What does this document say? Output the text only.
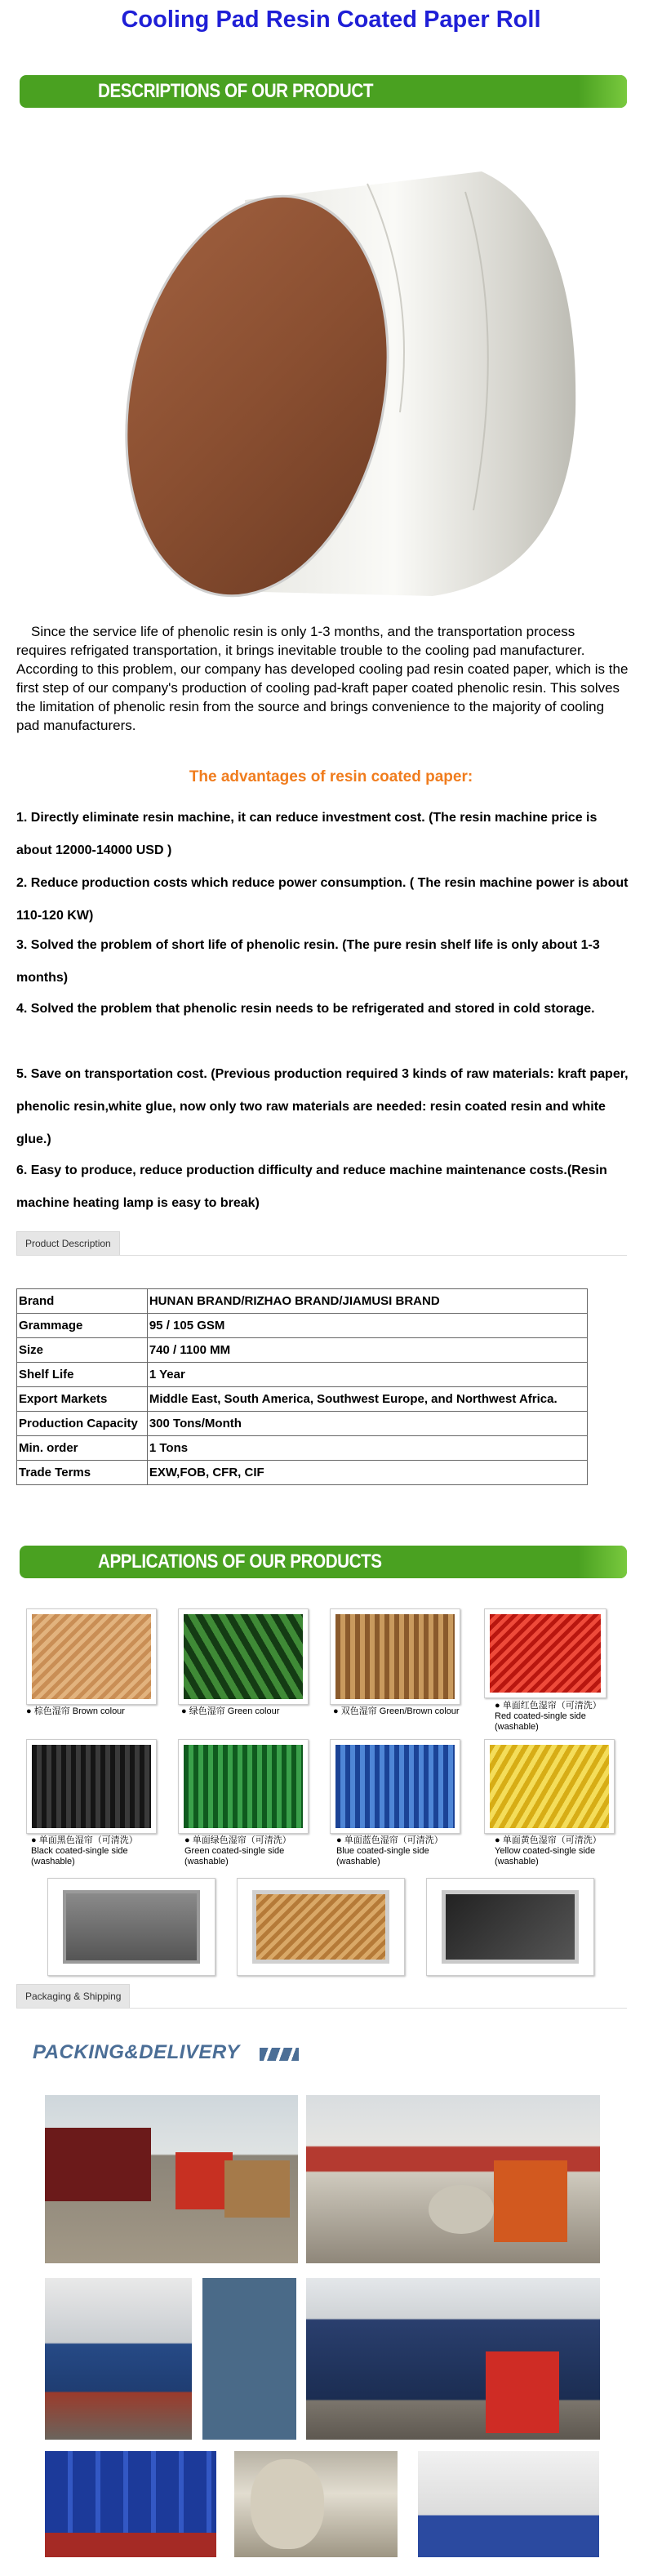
Cooling Pad Resin Coated Paper Roll
DESCRIPTIONS OF OUR PRODUCT

Since the service life of phenolic resin is only 1-3 months, and the transportation process requires refrigated transportation, it brings inevitable trouble to the cooling pad manufacturer. According to this problem, our company has developed cooling pad resin coated paper, which is the first step of our company's production of cooling pad-kraft paper coated phenolic resin. This solves the limitation of phenolic resin from the source and brings convenience to the majority of cooling pad manufacturers.

The advantages of resin coated paper:
1. Directly eliminate resin machine, it can reduce investment cost. (The resin machine price is about 12000-14000 USD )
2. Reduce production costs which reduce power consumption. ( The resin machine power is about 110-120 KW)
3. Solved the problem of short life of phenolic resin. (The pure resin shelf life is only about 1-3 months)
4. Solved the problem that phenolic resin needs to be refrigerated and stored in cold storage.
5. Save on transportation cost. (Previous production required 3 kinds of raw materials: kraft paper, phenolic resin,white glue, now only two raw materials are needed: resin coated resin and white glue.)
6. Easy to produce, reduce production difficulty and reduce machine maintenance costs.(Resin machine heating lamp is easy to break)
Product Description
Brand	HUNAN BRAND/RIZHAO BRAND/JIAMUSI BRAND
Grammage	95 / 105 GSM
Size	740 / 1100 MM
Shelf Life	1 Year
Export Markets	Middle East, South America, Southwest Europe, and Northwest Africa.
Production Capacity	300 Tons/Month
Min. order	1 Tons
Trade Terms	EXW,FOB, CFR, CIF
APPLICATIONS OF OUR PRODUCTS
● 棕色湿帘 Brown colour	● 绿色湿帘 Green colour	● 双色湿帘 Green/Brown colour
● 单面红色湿帘（可清洗）
Red coated-single side (washable)
● 单面黑色湿帘（可清洗）
Black coated-single side (washable)
● 单面绿色湿帘（可清洗）
Green coated-single side (washable)
● 单面蓝色湿帘（可清洗）
Blue coated-single side (washable)
● 单面黄色湿帘（可清洗）
Yellow coated-single side (washable)
Packaging & Shipping
PACKING&DELIVERY
